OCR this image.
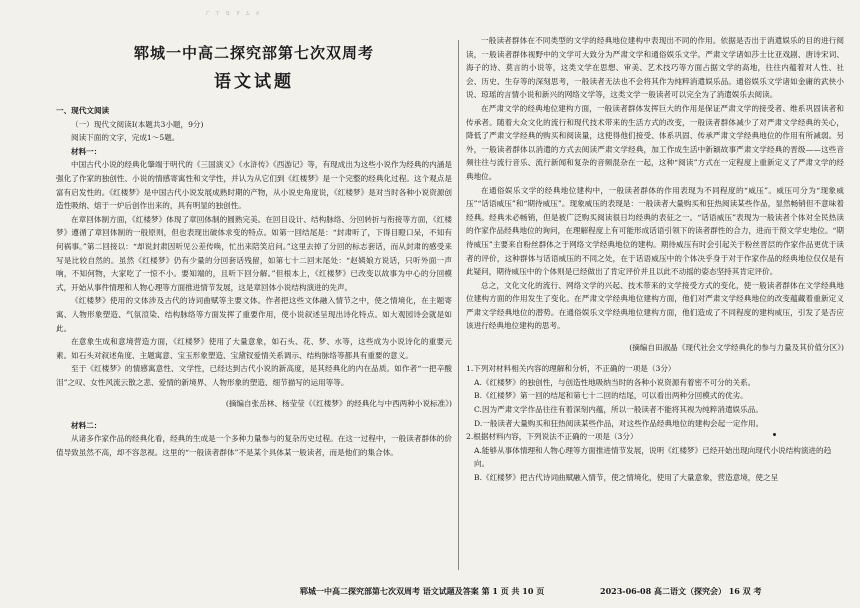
ㄏ ㄒ ㄖ ㄗ ㄙ ㄨ
郓城一中高二探究部第七次双周考
语文试题

一、现代文阅读

（一）现代文阅读Ⅰ(本题共3小题，9分)

阅读下面的文字，完成1～5题。

材料一：

中国古代小说的经典化肇端于明代的《三国演义》《水浒传》《西游记》等，有现成出为这些小说作为经典的内涵是强化了作家的独创性、小说的情感寄寓性和文学性，并认为从它们到《红楼梦》是一个完整的经典化过程。这个观点是富有启发性的。《红楼梦》是中国古代小说发展成熟时期的产物，从小说史角度说，《红楼梦》是对当时各种小说资源创造性吸纳、熔于一炉后创作出来的，具有明显的独创性。

在章回体制方面，《红楼梦》体现了章回体制的圆熟完美。在回目设计、结构脉络、分回转折与衔接等方面，《红楼梦》遵循了章回体制的一般原则，但也表现出破体求变的特点。如第一回结尾是：“封肃听了，下得目瞪口呆，不知有何祸事。”第二回接以：“却说封肃因听见公差传唤，忙出来陪笑启问。”这里去掉了分回的标志套话，而从封肃的感受来写是比较自然的。虽然《红楼梦》仍有少量的分回套话残留，如第七十二回末尾处：“赵姨娘方说话，只听外面一声响，不知何物，大家吃了一惊不小。要知端的，且听下回分解。”但根本上，《红楼梦》已改变以故事为中心的分回模式，开始从事件情理和人物心理等方面推进情节发展，这是章回体小说结构演进的先声。

《红楼梦》使用的文体涉及古代的诗词曲赋等主要文体。作者把这些文体融入情节之中，使之情境化，在主题寄寓、人物形象塑造、气氛渲染、结构脉络等方面发挥了重要作用，使小说叙述呈现出诗化特点。如大观园诗会就是如此。

在意象生成和意境营造方面，《红楼梦》使用了大量意象，如石头、花、梦、水等，这些成为小说诗化的重要元素。如石头对叙述角度、主题寓意、宝玉形象塑造、宝黛钗爱情关系调示、结构脉络等都具有重要的意义。

至于《红楼梦》的情感寓意性、文学性，已经达到古代小说的新高度，是其经典化的内在品质。如作者“一把辛酸泪”之叹、女性风流云散之悲、爱情的新境界、人物形象的塑造、细节描写的运用等等。

(摘编自张岳林、杨莹莹《《红楼梦》的经典化与中西两种小说标准》)

材料二：

从诸多作家作品的经典化看，经典的生成是一个多种力量参与的复杂历史过程。在这一过程中，一般读者群体的价值导致虽然不高，却不容忽视。这里的“一般读者群体”不是某个具体某一般读者，而是他们的集合体。

一般读者群体在不同类型的文学的经典地位建构中表现出不同的作用。依据是否出于消遣娱乐的目的进行阅读，一般读者群体视野中的文学可大致分为严肃文学和通俗娱乐文学。严肃文学诸如莎士比亚戏剧、唐诗宋词、海子的诗、莫言的小说等，这类文学在思想、审美、艺术技巧等方面占据文学的高地，往往内蕴着对人性、社会、历史、生存等的深刻思考，一般读者无法也不会将其作为纯粹消遣娱乐品。通俗娱乐文学诸如金庸的武侠小说、琼瑶的言情小说和新兴的网络文学等，这类文学一般读者可以完全为了消遣娱乐去阅读。

在严肃文学的经典地位建构方面，一般读者群体发挥巨大的作用是保证严肃文学的接受者、维系巩固读者和传承者。随着大众文化的流行和现代技术带来的生活方式的改变，一般读者群体减少了对严肃文学经典的关心，降低了严肃文学经典的购买和阅读量，这使得他们接受、体系巩固、传承严肃文学经典地位的作用有所减弱。另外，一般读者群体以消遣的方式去阅读严肃文学经典，加工作成生活中新颖故事严肃文学经典的晋级——这些音频往往与流行音乐、流行新闻和复杂的音频混杂在一起，这种“阅读”方式在一定程度上重新定义了严肃文学的经典地位。

在通俗娱乐文学的经典地位建构中，一般读者群体的作用表现为不同程度的“威压”。威压可分为“现象威压”“话语威压”和“期待威压”。现象威压的表现是：一般读者大量购买和狂热阅读某些作品，显然畅销但不意味着经典。经典未必畅销，但是被广泛购买阅读很日均经典的表征之一。“话语威压”表现为一般读者个体对全民热读的作家作品经典地位的询问，在理解程度上有可能形成话语引领下的读者群性的合力，进而干预文学史地位。“期待威压”主要来自粉丝群体之于网络文学经典地位的建构。期待威压有时会引起关于粉丝晋层的作家作品更优于读者的评价，这种群体与话语威压的不同之处，在于话语威压中的个体决乎身于对于作家作品的经典地位仅仅是有此疑问，期待威压中的个体则是已经做出了肯定评价并且以此不动摇的姿态坚持其肯定评价。

总之，文化文化的流行、网络文学的兴起、技术带来的文学接受方式的变化，使一般读者群体在文学经典地位建构方面的作用发生了变化。在严肃文学经典地位建构方面，他们对严肃文学经典地位的改变蕴藏着重新定义严肃文学经典地位的潜势。在通俗娱乐文学经典地位建构方面，他们造成了不同程度的建构威压，引发了是否应该进行经典地位建构的思考。

(摘编自田淑晶《现代社会文学经典化的参与力量及其价值分区》)

1.下列对材料相关内容的理解和分析，不正确的一项是（3分）

A.《红楼梦》的独创性，与创造性地吸纳当时的各种小说资源有着密不可分的关系。

B.《红楼梦》第一回的结尾和第七十二回的结尾，可以看出两种分回模式的优劣。

C.因为严肃文学作品往往有着深刻内蕴，所以一般读者不能将其视为纯粹消遣娱乐品。

D.一般读者大量购买和狂热阅读某些作品，对这些作品经典地位的建构会起一定作用。

2.根据材料内容，下列说法不正确的一项是（3分）

A.能够从事体情理和人物心理等方面推进情节发展，说明《红楼梦》已经开始出现向现代小说结构演进的趋向。

B.《红楼梦》把古代诗词曲赋融入情节，使之情境化，使用了大量意象，营造意境，使之呈

郓城一中高二探究部第七次双周考 语文试题及答案 第 1 页 共 10 页	2023-06-08 高二语文（探究会） 16 双 考
